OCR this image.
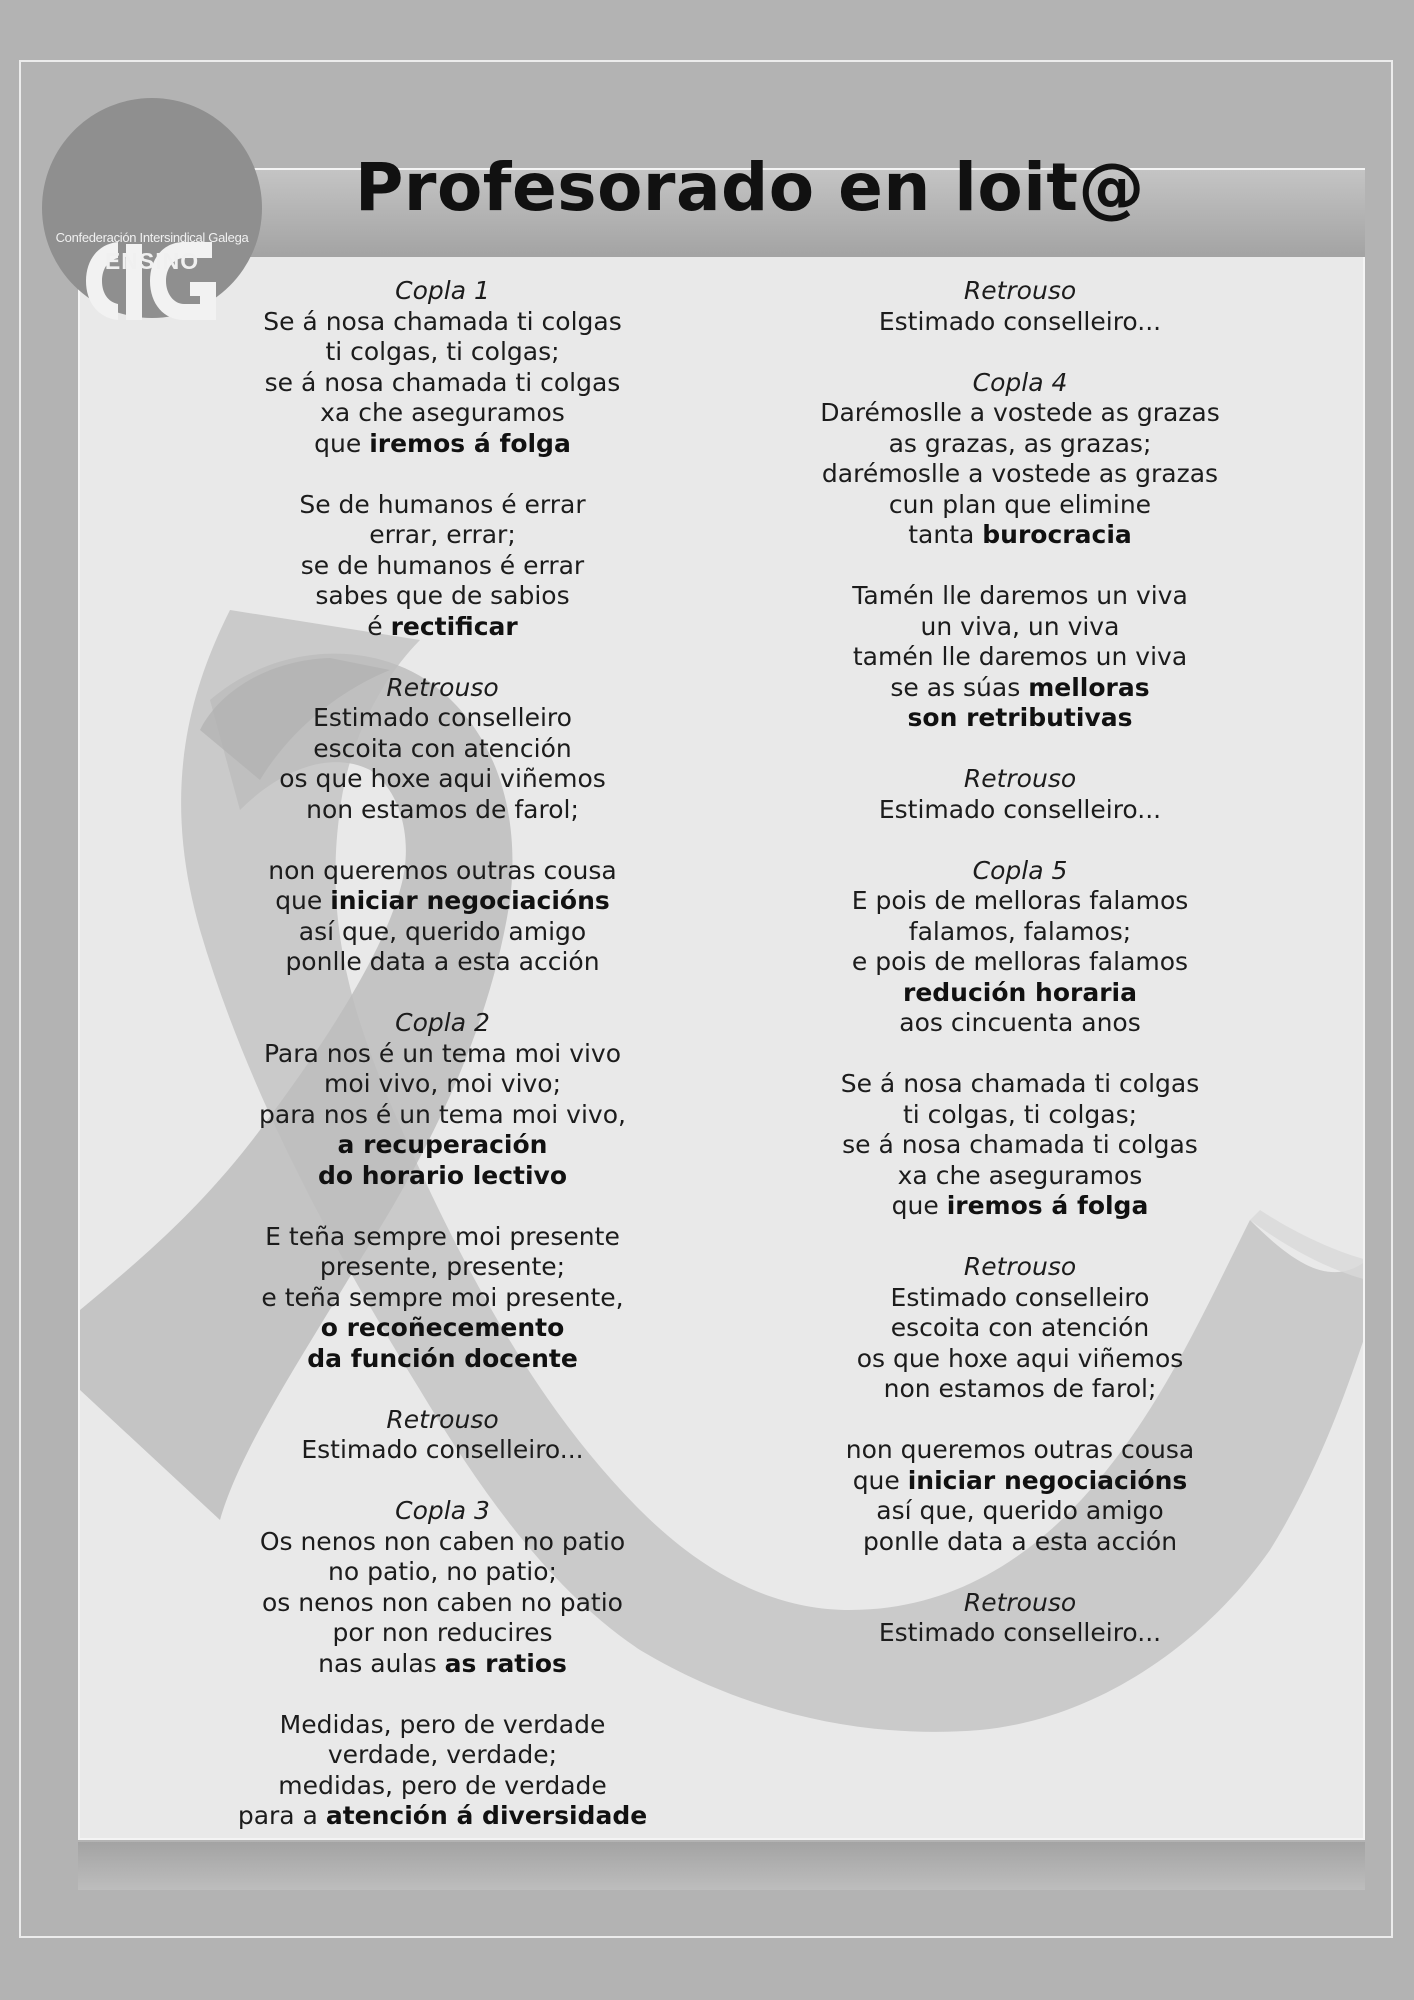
Confederación Intersindical Galega
ENSINO
Profesorado en loit@
Copla 1
Se á nosa chamada ti colgas
ti colgas, ti colgas;
se á nosa chamada ti colgas
xa che aseguramos
que iremos á folga
Se de humanos é errar
errar, errar;
se de humanos é errar
sabes que de sabios
é rectificar
Retrouso
Estimado conselleiro
escoita con atención
os que hoxe aqui viñemos
non estamos de farol;
non queremos outras cousa
que iniciar negociacións
así que, querido amigo
ponlle data a esta acción
Copla 2
Para nos é un tema moi vivo
moi vivo, moi vivo;
para nos é un tema moi vivo,
a recuperación
do horario lectivo
E teña sempre moi presente
presente, presente;
e teña sempre moi presente,
o recoñecemento
da función docente
Retrouso
Estimado conselleiro...
Copla 3
Os nenos non caben no patio
no patio, no patio;
os nenos non caben no patio
por non reducires
nas aulas as ratios
Medidas, pero de verdade
verdade, verdade;
medidas, pero de verdade
para a atención á diversidade
Retrouso
Estimado conselleiro...
Copla 4
Darémoslle a vostede as grazas
as grazas, as grazas;
darémoslle a vostede as grazas
cun plan que elimine
tanta burocracia
Tamén lle daremos un viva
un viva, un viva
tamén lle daremos un viva
se as súas melloras
son retributivas
Retrouso
Estimado conselleiro...
Copla 5
E pois de melloras falamos
falamos, falamos;
e pois de melloras falamos
redución horaria
aos cincuenta anos
Se á nosa chamada ti colgas
ti colgas, ti colgas;
se á nosa chamada ti colgas
xa che aseguramos
que iremos á folga
Retrouso
Estimado conselleiro
escoita con atención
os que hoxe aqui viñemos
non estamos de farol;
non queremos outras cousa
que iniciar negociacións
así que, querido amigo
ponlle data a esta acción
Retrouso
Estimado conselleiro...
